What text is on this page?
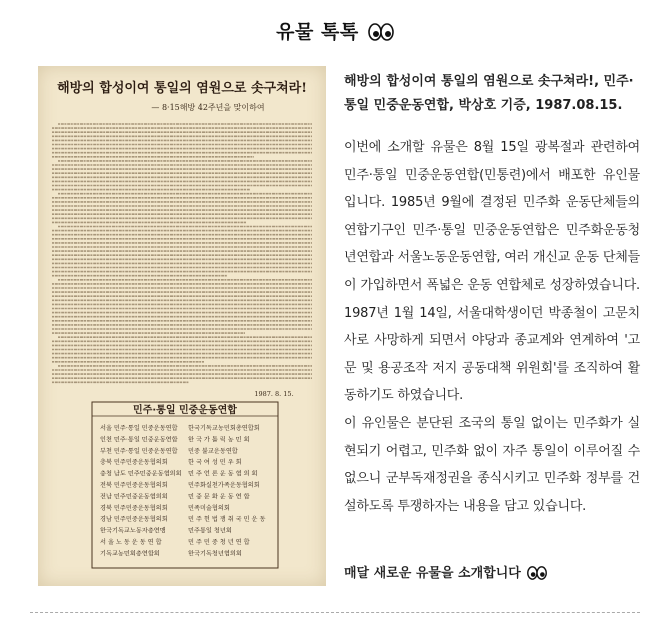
유물 톡톡
해방의 합성이여 통일의 염원으로 솟구쳐라!
— 8·15해방 42주년을 맞이하여
1987. 8. 15.
민주·통일 민중운동연합
서울 민주·통일 민중운동연합
인천 민주·통일 민중운동연합
부천 민주·통일 민중운동연합
충북 민주민중운동협의회
충청 남도 민주민중운동협의회
전북 민주민중운동협의회
전남 민주민중운동협의회
경북 민주민중운동협의회
경남 민주민중운동협의회
한국기독교노동자총연맹
서 울 노 동 운 동 연 합
기독교농민회총연합회
한국기독교농민회총연합회
한 국 가 톨 릭 농 민 회
민중 불교운동연합
한 국 여 성 민 우 회
민 주 언 론 운 동 협 의 회
민주화실천가족운동협의회
민 중 문 화 운 동 연 합
민족미술협의회
민 주 헌 법 쟁 취 국 민 운 동
민주통일 청년회
민 주 민 중 청 년 연 합
한국기독청년협의회

해방의 합성이여 통일의 염원으로 솟구쳐라!, 민주·통일 민중운동연합, 박상호 기증, 1987.08.15.

이번에 소개할 유물은 8월 15일 광복절과 관련하여 민주·통일 민중운동연합(민통련)에서 배포한 유인물입니다. 1985년 9월에 결정된 민주화 운동단체들의 연합기구인 민주·통일 민중운동연합은 민주화운동청년연합과 서울노동운동연합, 여러 개신교 운동 단체들이 가입하면서 폭넓은 운동 연합체로 성장하였습니다. 1987년 1월 14일, 서울대학생이던 박종철이 고문치사로 사망하게 되면서 야당과 종교계와 연계하여 '고문 및 용공조작 저지 공동대책 위원회'를 조직하여 활동하기도 하였습니다.

이 유인물은 분단된 조국의 통일 없이는 민주화가 실현되기 어렵고, 민주화 없이 자주 통일이 이루어질 수 없으니 군부독재정권을 종식시키고 민주화 정부를 건설하도록 투쟁하자는 내용을 담고 있습니다.

매달 새로운 유물을 소개합니다
